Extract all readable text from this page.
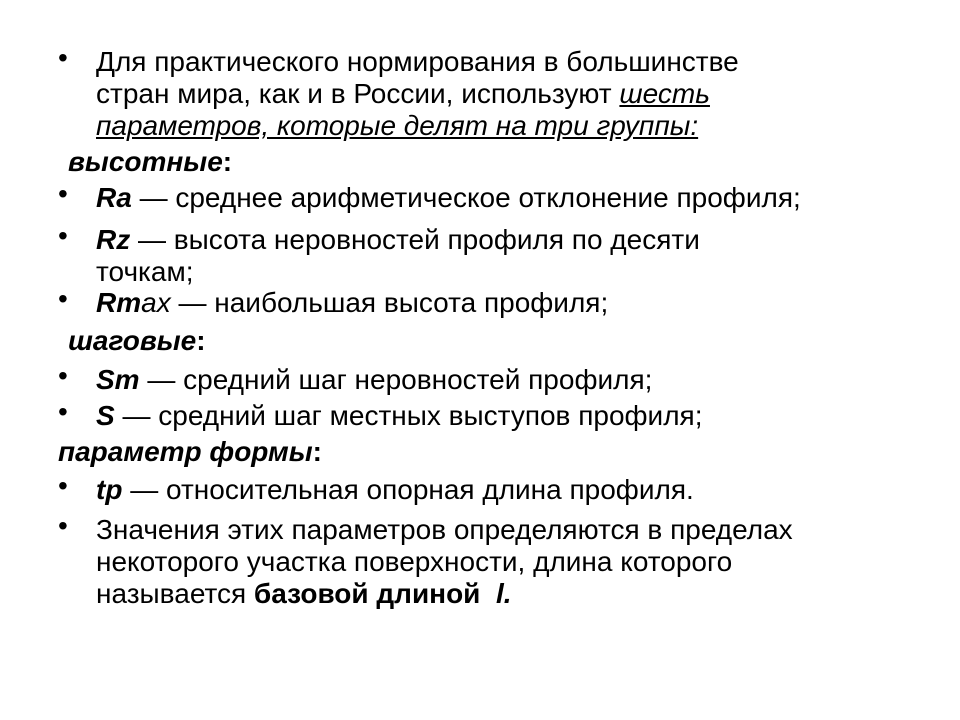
• Для практического нормирования в большинстве
стран мира, как и в России, используют шесть
параметров, которые делят на три группы:
высотные:
• Ra — среднее арифметическое отклонение профиля;
• Rz — высота неровностей профиля по десяти
точкам;
• Rmax — наибольшая высота профиля;
шаговые:
• Sm — средний шаг неровностей профиля;
• S — средний шаг местных выступов профиля;
параметр формы:
• tp — относительная опорная длина профиля.
• Значения этих параметров определяются в пределах
некоторого участка поверхности, длина которого
называется базовой длиной l.
